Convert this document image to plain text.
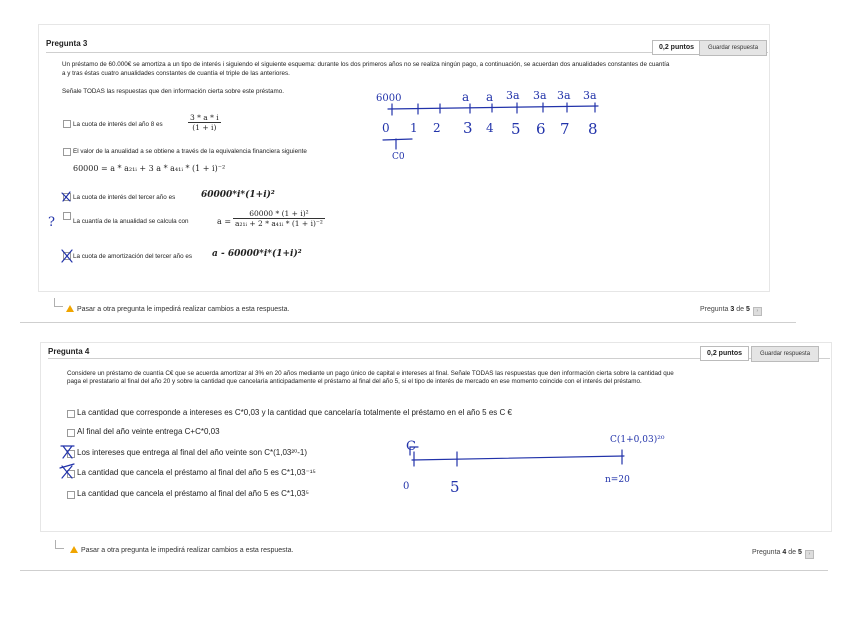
Pregunta 3	0,2 puntos	Guardar respuesta
Un préstamo de 60.000€ se amortiza a un tipo de interés i siguiendo el siguiente esquema: durante los dos primeros años no se realiza ningún pago, a continuación, se acuerdan dos anualidades constantes de cuantía
a y tras éstas cuatro anualidades constantes de cuantía el triple de las anteriores.
Señale TODAS las respuestas que den información cierta sobre este préstamo.
La cuota de interés del año 8 es	$\frac{3 * a * i}{(1 + i)}$
El valor de la anualidad a se obtiene a través de la equivalencia financiera siguiente
60000 = a * a₂₁ᵢ + 3 a * a₄₁ᵢ * (1 + i)⁻²
La cuota de interés del tercer año es	60000*i*(1+i)²
La cuantía de la anualidad se calcula con	$a = \frac{\text{60000 * (1 + i)²}}{\text{a₂₁ᵢ + 2 * a₄₁ᵢ * (1 + i)⁻²}}$
La cuota de amortización del tercer año es a - 60000*i*(1+i)²
Pasar a otra pregunta le impedirá realizar cambios a esta respuesta.	Pregunta 3 de 5 ›
Pregunta 4	0,2 puntos	Guardar respuesta
Considere un préstamo de cuantía C€ que se acuerda amortizar al 3% en 20 años mediante un pago único de capital e intereses al final. Señale TODAS las respuestas que den información cierta sobre la cantidad que
paga el prestatario al final del año 20 y sobre la cantidad que cancelaría anticipadamente el préstamo al final del año 5, si el tipo de interés de mercado en ese momento coincide con el interés del préstamo.
La cantidad que corresponde a intereses es C*0,03 y la cantidad que cancelaría totalmente el préstamo en el año 5 es C €
Al final del año veinte entrega C+C*0,03
Los intereses que entrega al final del año veinte son C*(1,03²⁰-1)
La cantidad que cancela el préstamo al final del año 5 es C*1,03⁻¹⁵
La cantidad que cancela el préstamo al final del año 5 es C*1,03⁵
Pasar a otra pregunta le impedirá realizar cambios a esta respuesta.	Pregunta 4 de 5 ›
6000	a a 3a 3a 3a 3a
0 1 2 3 4 5 6 7 8
C0
?
C	C(1+0,03)²⁰
0	5	n=20
